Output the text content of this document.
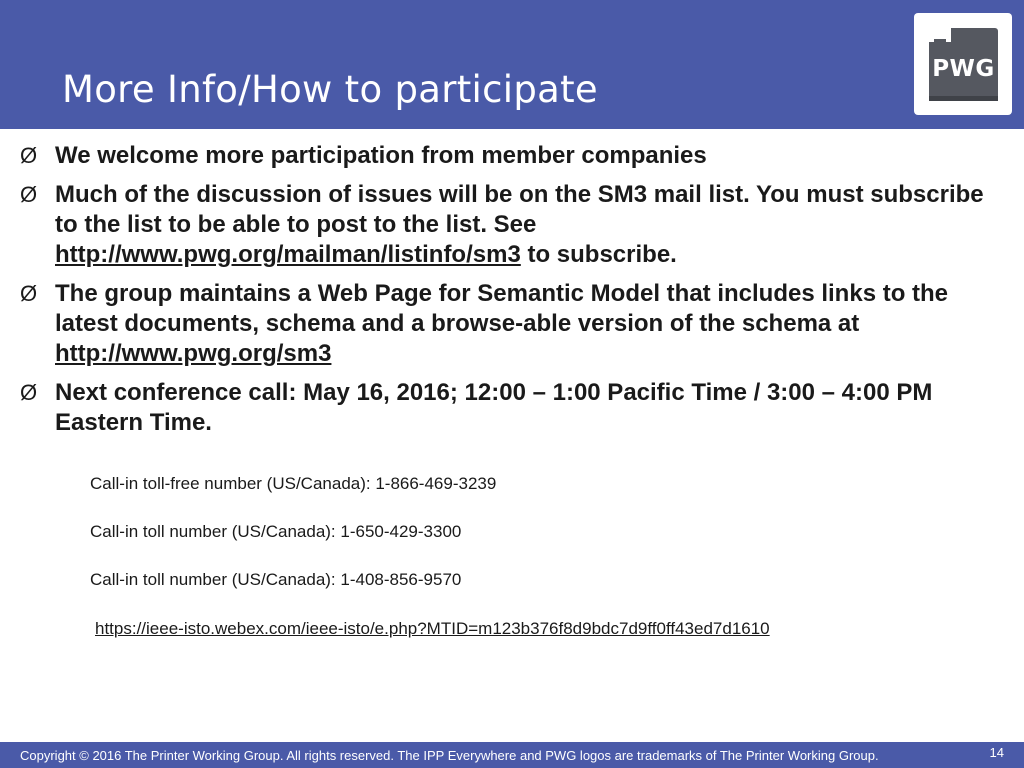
More Info/How to participate	PWG
Ø We welcome more participation from member companies
Ø Much of the discussion of issues will be on the SM3 mail list. You must subscribe to the list to be able to post to the list. See http://www.pwg.org/mailman/listinfo/sm3 to subscribe.
Ø The group maintains a Web Page for Semantic Model that includes links to the latest documents, schema and a browse-able version of the schema at http://www.pwg.org/sm3
Ø Next conference call: May 16, 2016; 12:00 – 1:00 Pacific Time / 3:00 – 4:00 PM Eastern Time.
Call-in toll-free number (US/Canada): 1-866-469-3239
Call-in toll number (US/Canada): 1-650-429-3300
Call-in toll number (US/Canada): 1-408-856-9570
https://ieee-isto.webex.com/ieee-isto/e.php?MTID=m123b376f8d9bdc7d9ff0ff43ed7d1610
Copyright © 2016 The Printer Working Group. All rights reserved. The IPP Everywhere and PWG logos are trademarks of The Printer Working Group.	14
